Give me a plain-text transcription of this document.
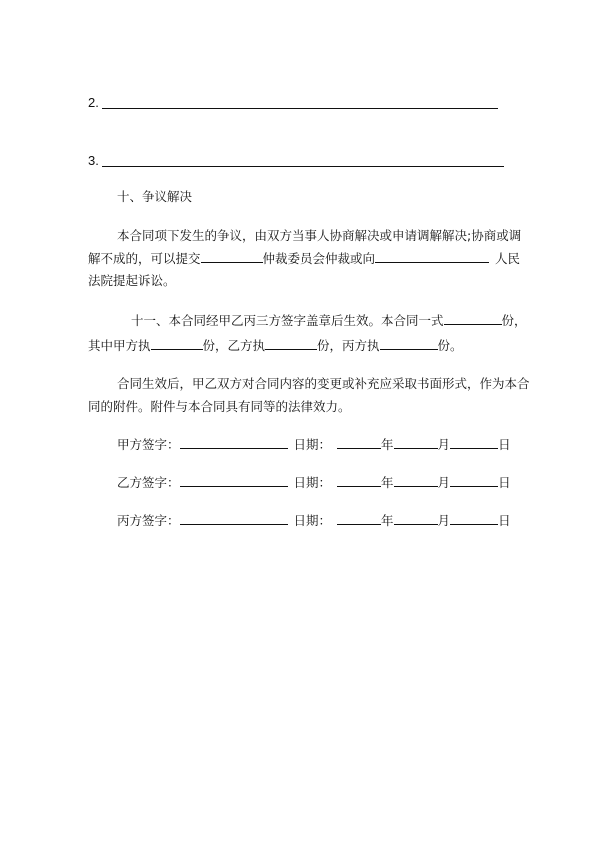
2.
3.
十、争议解决
本合同项下发生的争议，由双方当事人协商解决或申请调解解决;协商或调
解不成的，可以提交	仲裁委员会仲裁或向	人民
法院提起诉讼。
十一、本合同经甲乙丙三方签字盖章后生效。本合同一式	份，
其中甲方执	份，乙方执	份，丙方执	份。
合同生效后，甲乙双方对合同内容的变更或补充应采取书面形式，作为本合
同的附件。附件与本合同具有同等的法律效力。
甲方签字：	日期：	年	月	日
乙方签字：	日期：	年	月	日
丙方签字：	日期：	年	月	日
